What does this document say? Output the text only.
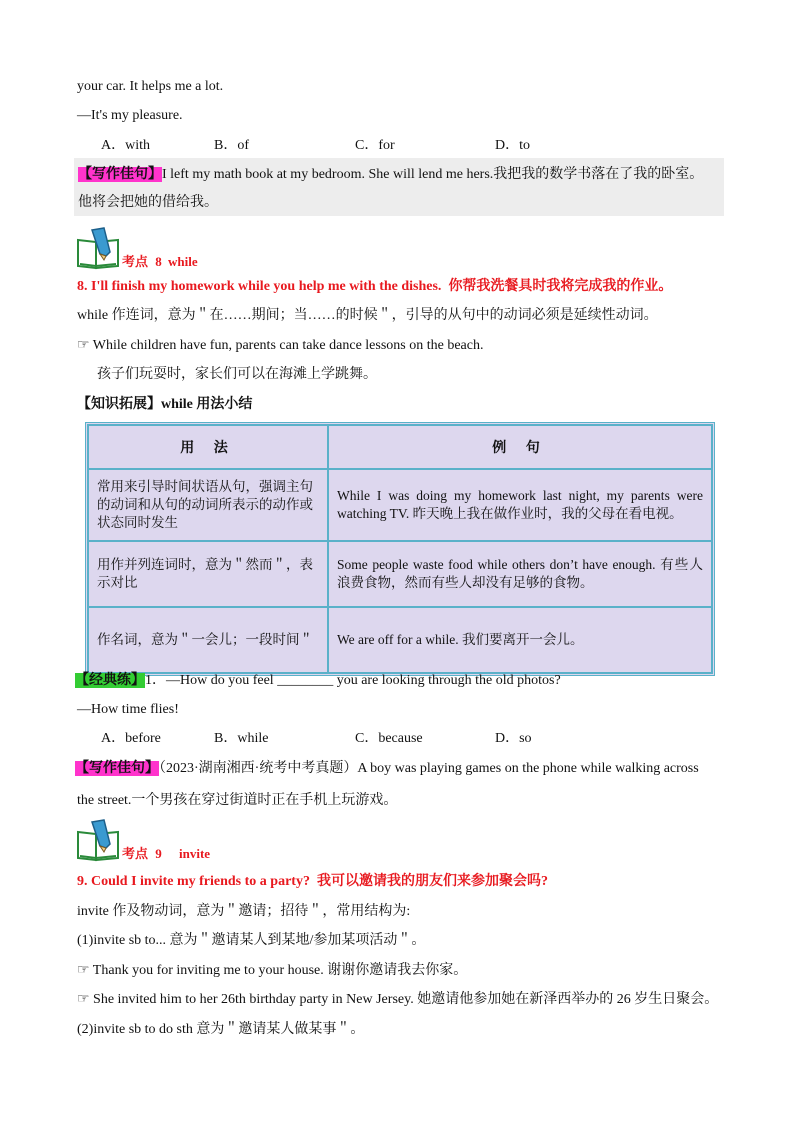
your car. It helps me a lot.
—It's my pleasure.
A．with	B．of	C．for	D．to
【写作佳句】I left my math book at my bedroom. She will lend me hers.我把我的数学书落在了我的卧室。
他将会把她的借给我。
考点 8 while
8. I'll finish my homework while you help me with the dishes. 你帮我洗餐具时我将完成我的作业。
while 作连词，意为＂在……期间；当……的时候＂，引导的从句中的动词必须是延续性动词。
☞ While children have fun, parents can take dance lessons on the beach.
孩子们玩耍时，家长们可以在海滩上学跳舞。
【知识拓展】while 用法小结
用 法	例 句
常用来引导时间状语从句，强调主句的动词和从句的动词所表示的动作或状态同时发生	While I was doing my homework last night, my parents were watching TV. 昨天晚上我在做作业时，我的父母在看电视。
用作并列连词时，意为＂然而＂，表示对比	Some people waste food while others don’t have enough. 有些人浪费食物，然而有些人却没有足够的食物。
作名词，意为＂一会儿；一段时间＂	We are off for a while. 我们要离开一会儿。
【经典练】1．—How do you feel ________ you are looking through the old photos?
—How time flies!
A．before	B．while	C．because	D．so
【写作佳句】（2023·湖南湘西·统考中考真题）A boy was playing games on the phone while walking across
the street.一个男孩在穿过街道时正在手机上玩游戏。
考点 9 invite
9. Could I invite my friends to a party? 我可以邀请我的朋友们来参加聚会吗?
invite 作及物动词，意为＂邀请；招待＂，常用结构为:
(1)invite sb to... 意为＂邀请某人到某地/参加某项活动＂。
☞ Thank you for inviting me to your house. 谢谢你邀请我去你家。
☞ She invited him to her 26th birthday party in New Jersey. 她邀请他参加她在新泽西举办的 26 岁生日聚会。
(2)invite sb to do sth 意为＂邀请某人做某事＂。
